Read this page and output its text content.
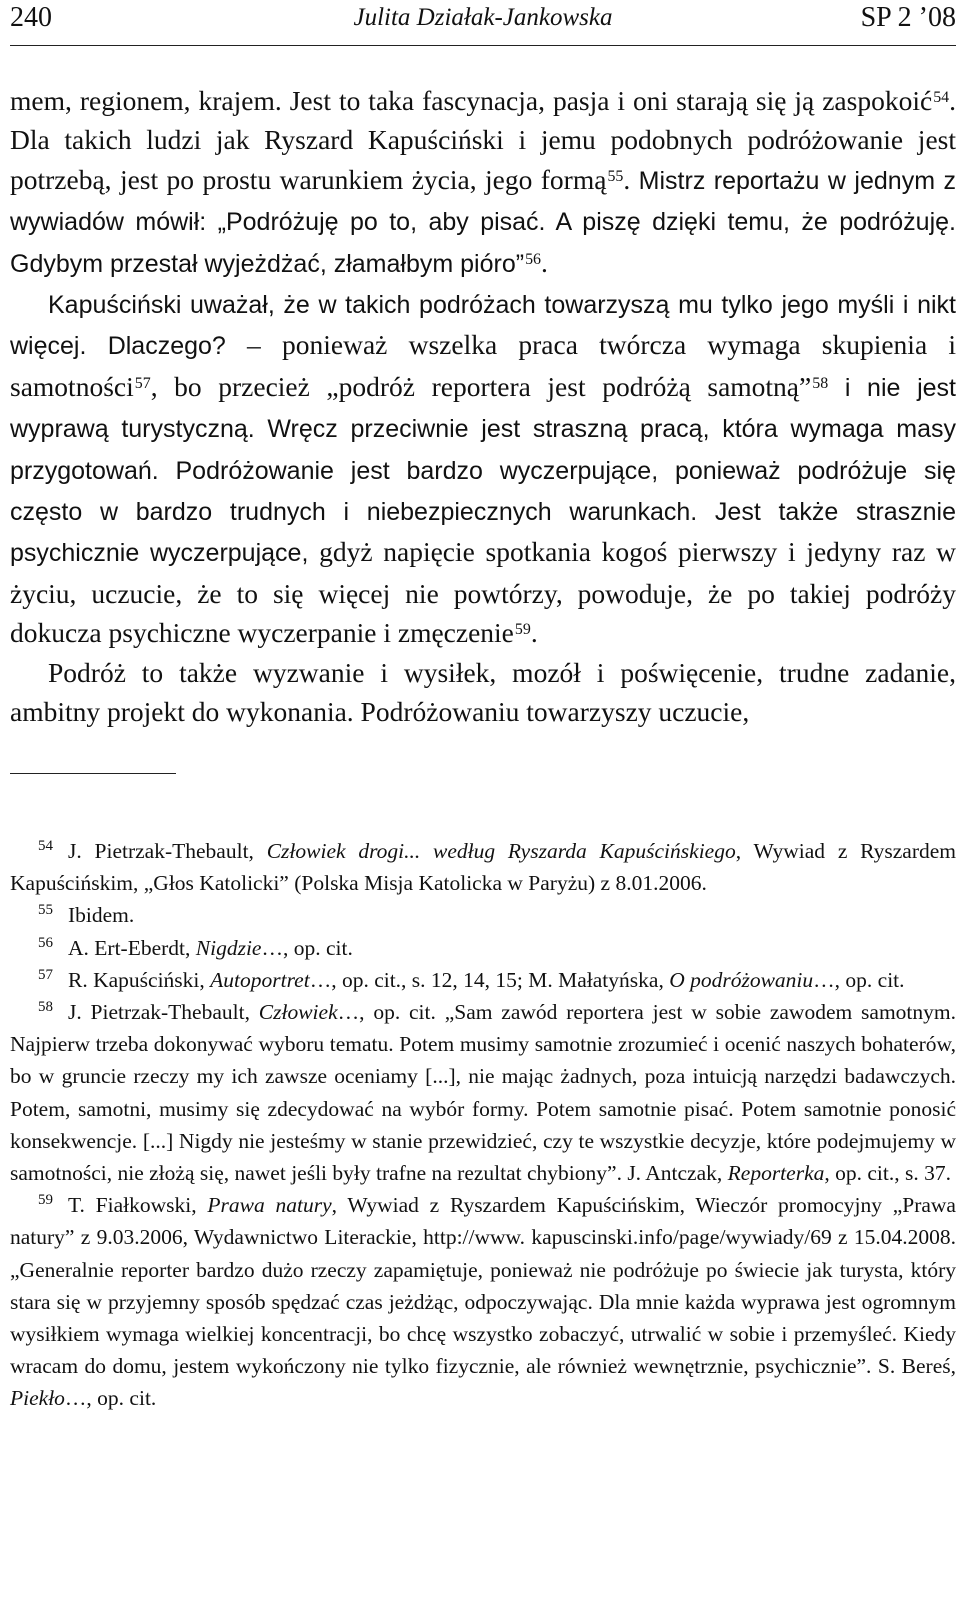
240	Julita Działak-Jankowska	SP 2 ’08

mem, regionem, krajem. Jest to taka fascynacja, pasja i oni starają się ją zaspokoić$^{54}$. Dla takich ludzi jak Ryszard Kapuściński i jemu podobnych podróżowanie jest potrzebą, jest po prostu warunkiem życia, jego formą$^{55}$. Mistrz reportażu w jednym z wywiadów mówił: „Podróżuję po to, aby pisać. A piszę dzięki temu, że podróżuję. Gdybym przestał wyjeżdżać, złamałbym pióro”$^{56}$.

Kapuściński uważał, że w takich podróżach towarzyszą mu tylko jego myśli i nikt więcej. Dlaczego? – ponieważ wszelka praca twórcza wymaga skupienia i samotności$^{57}$, bo przecież „podróż reportera jest podróżą samotną”$^{58}$ i nie jest wyprawą turystyczną. Wręcz przeciwnie jest straszną pracą, która wymaga masy przygotowań. Podróżowanie jest bardzo wyczerpujące, ponieważ podróżuje się często w bardzo trudnych i niebezpiecznych warunkach. Jest także strasznie psychicznie wyczerpujące, gdyż napięcie spotkania kogoś pierwszy i jedyny raz w życiu, uczucie, że to się więcej nie powtórzy, powoduje, że po takiej podróży dokucza psychiczne wyczerpanie i zmęczenie$^{59}$.

Podróż to także wyzwanie i wysiłek, mozół i poświęcenie, trudne zadanie, ambitny projekt do wykonania. Podróżowaniu towarzyszy uczucie,

54 J. Pietrzak-Thebault, Człowiek drogi... według Ryszarda Kapuścińskiego, Wywiad z Ryszardem Kapuścińskim, „Głos Katolicki” (Polska Misja Katolicka w Paryżu) z 8.01.2006.

55 Ibidem.

56 A. Ert-Eberdt, Nigdzie…, op. cit.

57 R. Kapuściński, Autoportret…, op. cit., s. 12, 14, 15; M. Małatyńska, O podróżowaniu…, op. cit.

58 J. Pietrzak-Thebault, Człowiek…, op. cit. „Sam zawód reportera jest w sobie zawodem samotnym. Najpierw trzeba dokonywać wyboru tematu. Potem musimy samotnie zrozumieć i ocenić naszych bohaterów, bo w gruncie rzeczy my ich zawsze oceniamy [...], nie mając żadnych, poza intuicją narzędzi badawczych. Potem, samotni, musimy się zdecydować na wybór formy. Potem samotnie pisać. Potem samotnie ponosić konsekwencje. [...] Nigdy nie jesteśmy w stanie przewidzieć, czy te wszystkie decyzje, które podejmujemy w samotności, nie złożą się, nawet jeśli były trafne na rezultat chybiony”. J. Antczak, Reporterka, op. cit., s. 37.

59 T. Fiałkowski, Prawa natury, Wywiad z Ryszardem Kapuścińskim, Wieczór promocyjny „Prawa natury” z 9.03.2006, Wydawnictwo Literackie, http://www. kapuscinski.info/page/wywiady/69 z 15.04.2008. „Generalnie reporter bardzo dużo rzeczy zapamiętuje, ponieważ nie podróżuje po świecie jak turysta, który stara się w przyjemny sposób spędzać czas jeżdżąc, odpoczywając. Dla mnie każda wyprawa jest ogromnym wysiłkiem wymaga wielkiej koncentracji, bo chcę wszystko zobaczyć, utrwalić w sobie i przemyśleć. Kiedy wracam do domu, jestem wykończony nie tylko fizycznie, ale również wewnętrznie, psychicznie”. S. Bereś, Piekło…, op. cit.
